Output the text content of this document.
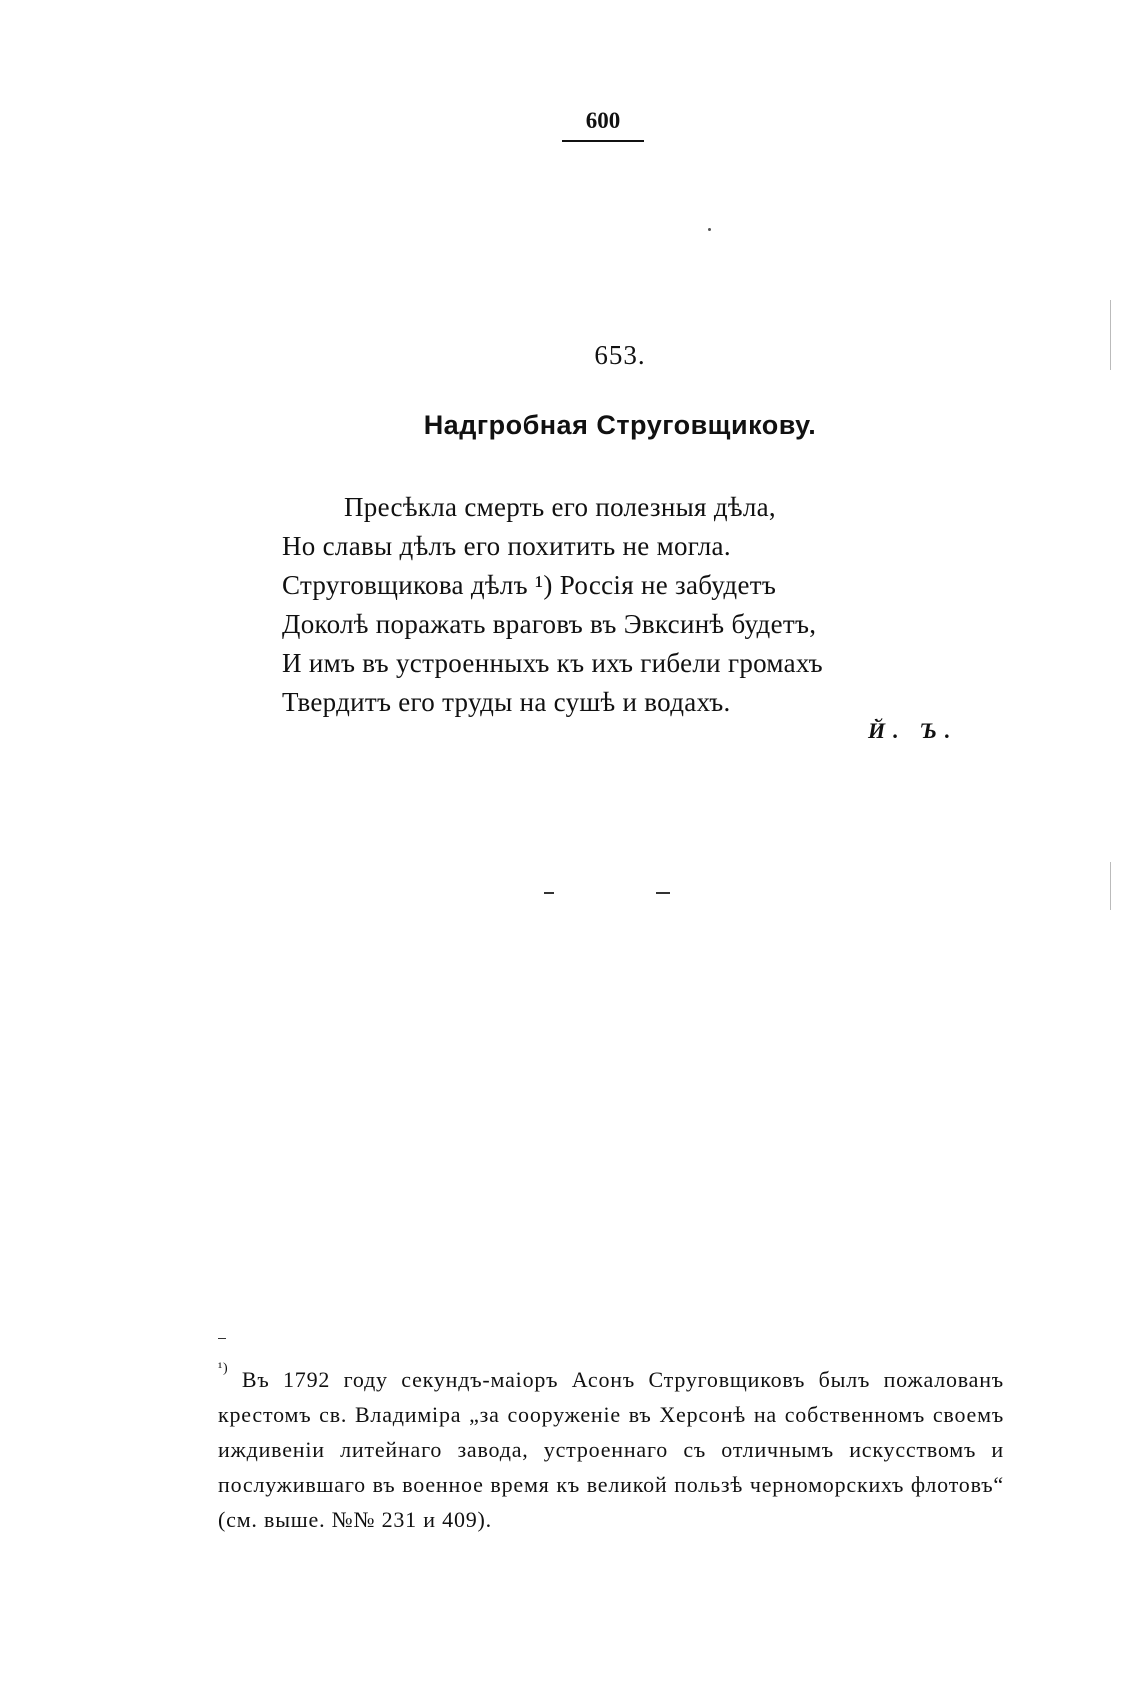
600
653.
Надгробная Струговщикову.
Пресѣкла смерть его полезныя дѣла,
Но славы дѣлъ его похитить не могла.
Струговщикова дѣлъ ¹) Россія не забудетъ
Доколѣ поражать враговъ въ Эвксинѣ будетъ,
И имъ въ устроенныхъ къ ихъ гибели громахъ
Твердитъ его труды на сушѣ и водахъ.
Й. Ъ.
$^{^1)}$ Въ 1792 году секундъ-маіоръ Асонъ Струговщиковъ былъ пожалованъ крестомъ св. Владиміра „за сооруженіе въ Херсонѣ на собственномъ своемъ иждивеніи литейнаго завода, устроеннаго съ отличнымъ искусствомъ и послужившаго въ военное время къ великой пользѣ черноморскихъ флотовъ“ (см. выше. №№ 231 и 409).
